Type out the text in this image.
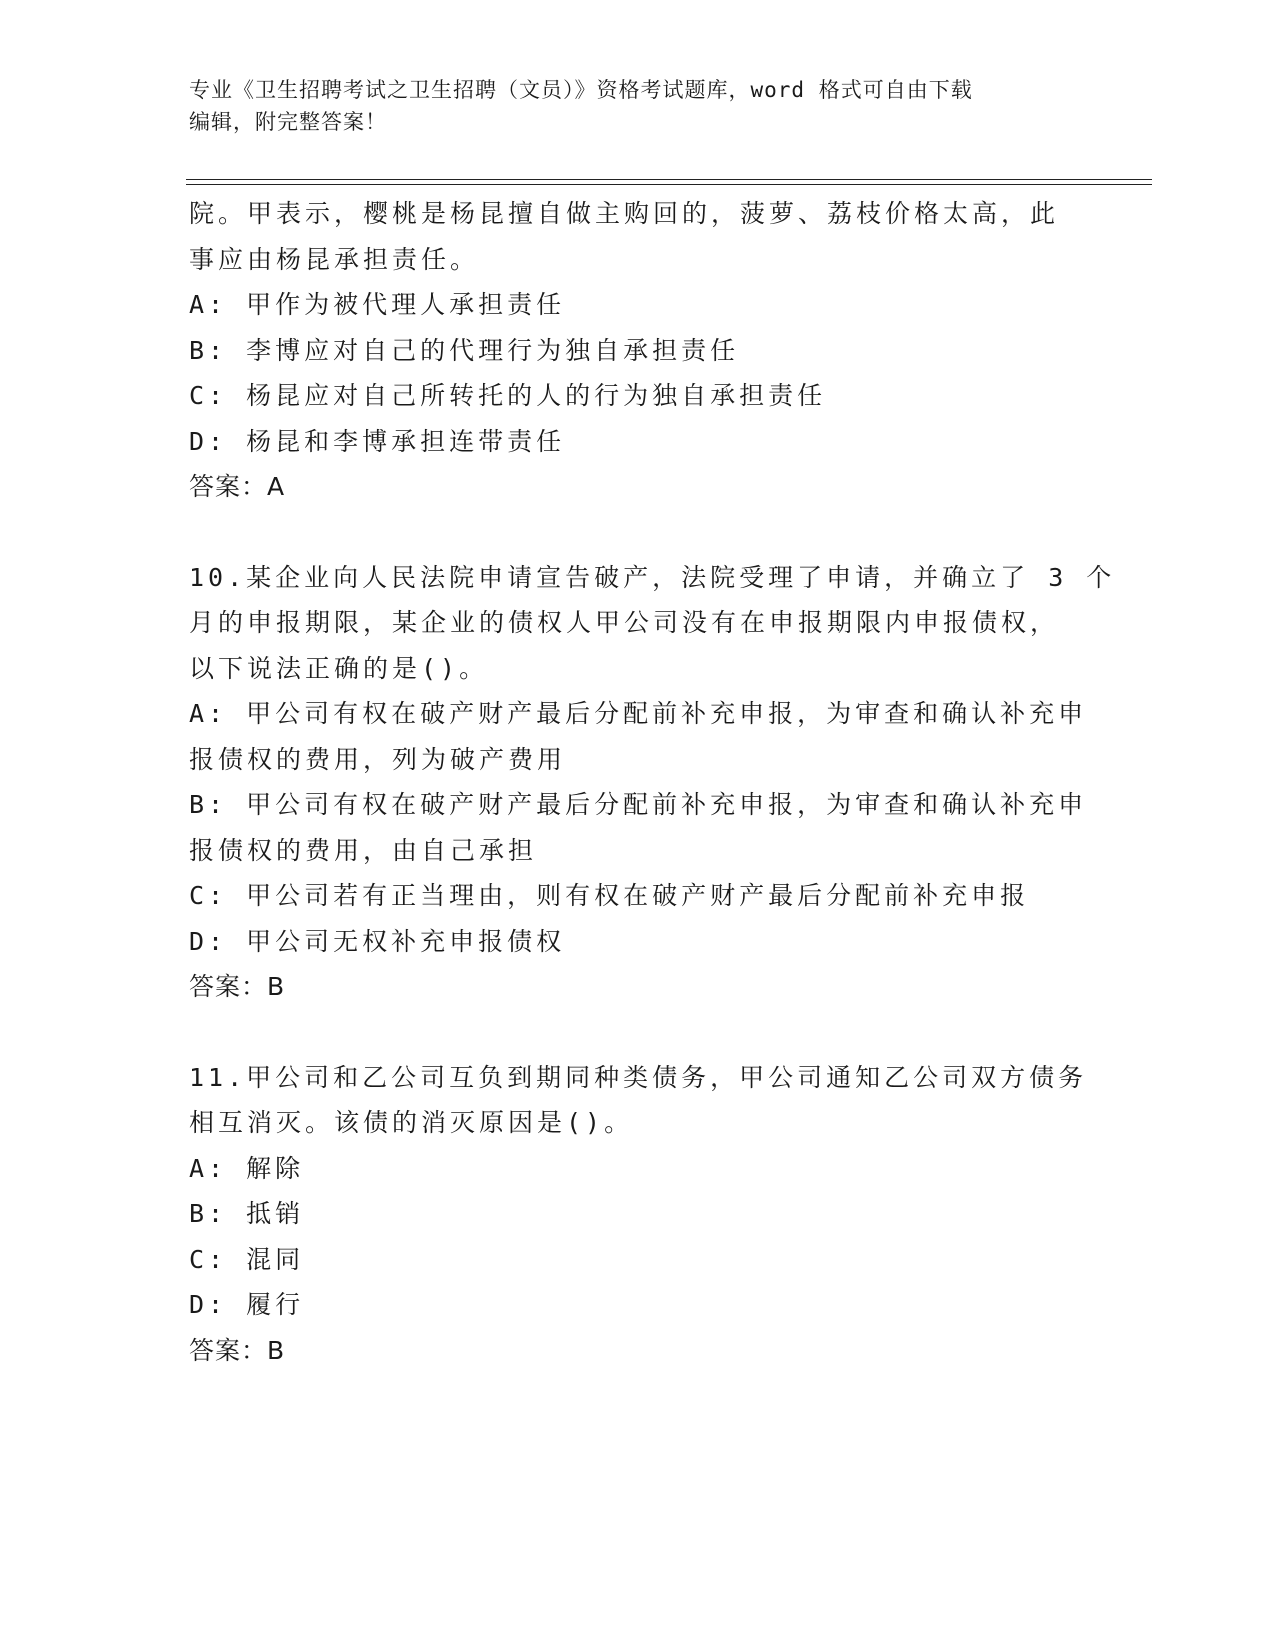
专业《卫生招聘考试之卫生招聘（文员）》资格考试题库，word 格式可自由下载
编辑，附完整答案！
院。甲表示，樱桃是杨昆擅自做主购回的，菠萝、荔枝价格太高，此
事应由杨昆承担责任。
A: 甲作为被代理人承担责任
B: 李博应对自己的代理行为独自承担责任
C: 杨昆应对自己所转托的人的行为独自承担责任
D: 杨昆和李博承担连带责任
答案：A
10.某企业向人民法院申请宣告破产，法院受理了申请，并确立了 3 个
月的申报期限，某企业的债权人甲公司没有在申报期限内申报债权，
以下说法正确的是()。
A: 甲公司有权在破产财产最后分配前补充申报，为审查和确认补充申
报债权的费用，列为破产费用
B: 甲公司有权在破产财产最后分配前补充申报，为审查和确认补充申
报债权的费用，由自己承担
C: 甲公司若有正当理由，则有权在破产财产最后分配前补充申报
D: 甲公司无权补充申报债权
答案：B
11.甲公司和乙公司互负到期同种类债务，甲公司通知乙公司双方债务
相互消灭。该债的消灭原因是()。
A: 解除
B: 抵销
C: 混同
D: 履行
答案：B
